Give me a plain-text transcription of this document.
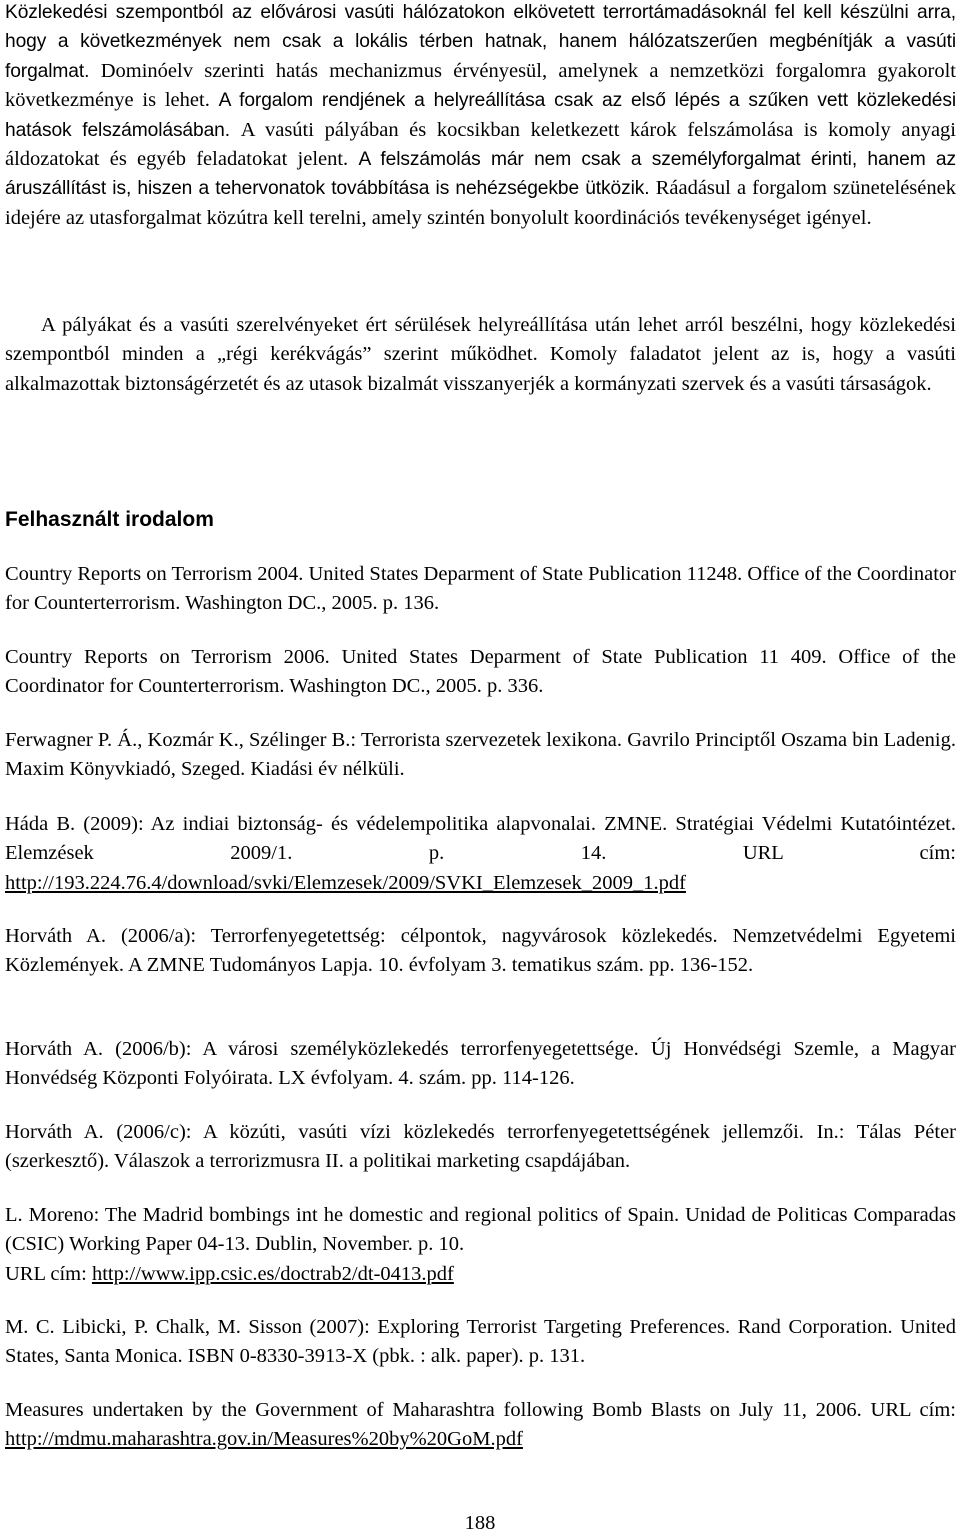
Közlekedési szempontból az elővárosi vasúti hálózatokon elkövetett terrortámadásoknál fel kell készülni arra, hogy a következmények nem csak a lokális térben hatnak, hanem hálózatszerűen megbénítják a vasúti forgalmat. Dominóelv szerinti hatás mechanizmus érvényesül, amelynek a nemzetközi forgalomra gyakorolt következménye is lehet. A forgalom rendjének a helyreállítása csak az első lépés a szűken vett közlekedési hatások felszámolásában. A vasúti pályában és kocsikban keletkezett károk felszámolása is komoly anyagi áldozatokat és egyéb feladatokat jelent. A felszámolás már nem csak a személyforgalmat érinti, hanem az áruszállítást is, hiszen a tehervonatok továbbítása is nehézségekbe ütközik. Ráadásul a forgalom szünetelésének idejére az utasforgalmat közútra kell terelni, amely szintén bonyolult koordinációs tevékenységet igényel.

A pályákat és a vasúti szerelvényeket ért sérülések helyreállítása után lehet arról beszélni, hogy közlekedési szempontból minden a „régi kerékvágás” szerint működhet. Komoly faladatot jelent az is, hogy a vasúti alkalmazottak biztonságérzetét és az utasok bizalmát visszanyerjék a kormányzati szervek és a vasúti társaságok.

Felhasznált irodalom

Country Reports on Terrorism 2004. United States Deparment of State Publication 11248. Office of the Coordinator for Counterterrorism. Washington DC., 2005. p. 136.

Country Reports on Terrorism 2006. United States Deparment of State Publication 11 409. Office of the Coordinator for Counterterrorism. Washington DC., 2005. p. 336.

Ferwagner P. Á., Kozmár K., Szélinger B.: Terrorista szervezetek lexikona. Gavrilo Principtől Oszama bin Ladenig. Maxim Könyvkiadó, Szeged. Kiadási év nélküli.

Háda B. (2009): Az indiai biztonság- és védelempolitika alapvonalai. ZMNE. Stratégiai Védelmi Kutatóintézet. Elemzések 2009/1. p. 14. URL cím: http://193.224.76.4/download/svki/Elemzesek/2009/SVKI_Elemzesek_2009_1.pdf

Horváth A. (2006/a): Terrorfenyegetettség: célpontok, nagyvárosok közlekedés. Nemzetvédelmi Egyetemi Közlemények. A ZMNE Tudományos Lapja. 10. évfolyam 3. tematikus szám. pp. 136-152.

Horváth A. (2006/b): A városi személyközlekedés terrorfenyegetettsége. Új Honvédségi Szemle, a Magyar Honvédség Központi Folyóirata. LX évfolyam. 4. szám. pp. 114-126.

Horváth A. (2006/c): A közúti, vasúti vízi közlekedés terrorfenyegetettségének jellemzői. In.: Tálas Péter (szerkesztő). Válaszok a terrorizmusra II. a politikai marketing csapdájában.

L. Moreno: The Madrid bombings int he domestic and regional politics of Spain. Unidad de Politicas Comparadas (CSIC) Working Paper 04-13. Dublin, November. p. 10.
URL cím: http://www.ipp.csic.es/doctrab2/dt-0413.pdf

M. C. Libicki, P. Chalk, M. Sisson (2007): Exploring Terrorist Targeting Preferences. Rand Corporation. United States, Santa Monica. ISBN 0-8330-3913-X (pbk. : alk. paper). p. 131.

Measures undertaken by the Government of Maharashtra following Bomb Blasts on July 11, 2006. URL cím: http://mdmu.maharashtra.gov.in/Measures%20by%20GoM.pdf

188
